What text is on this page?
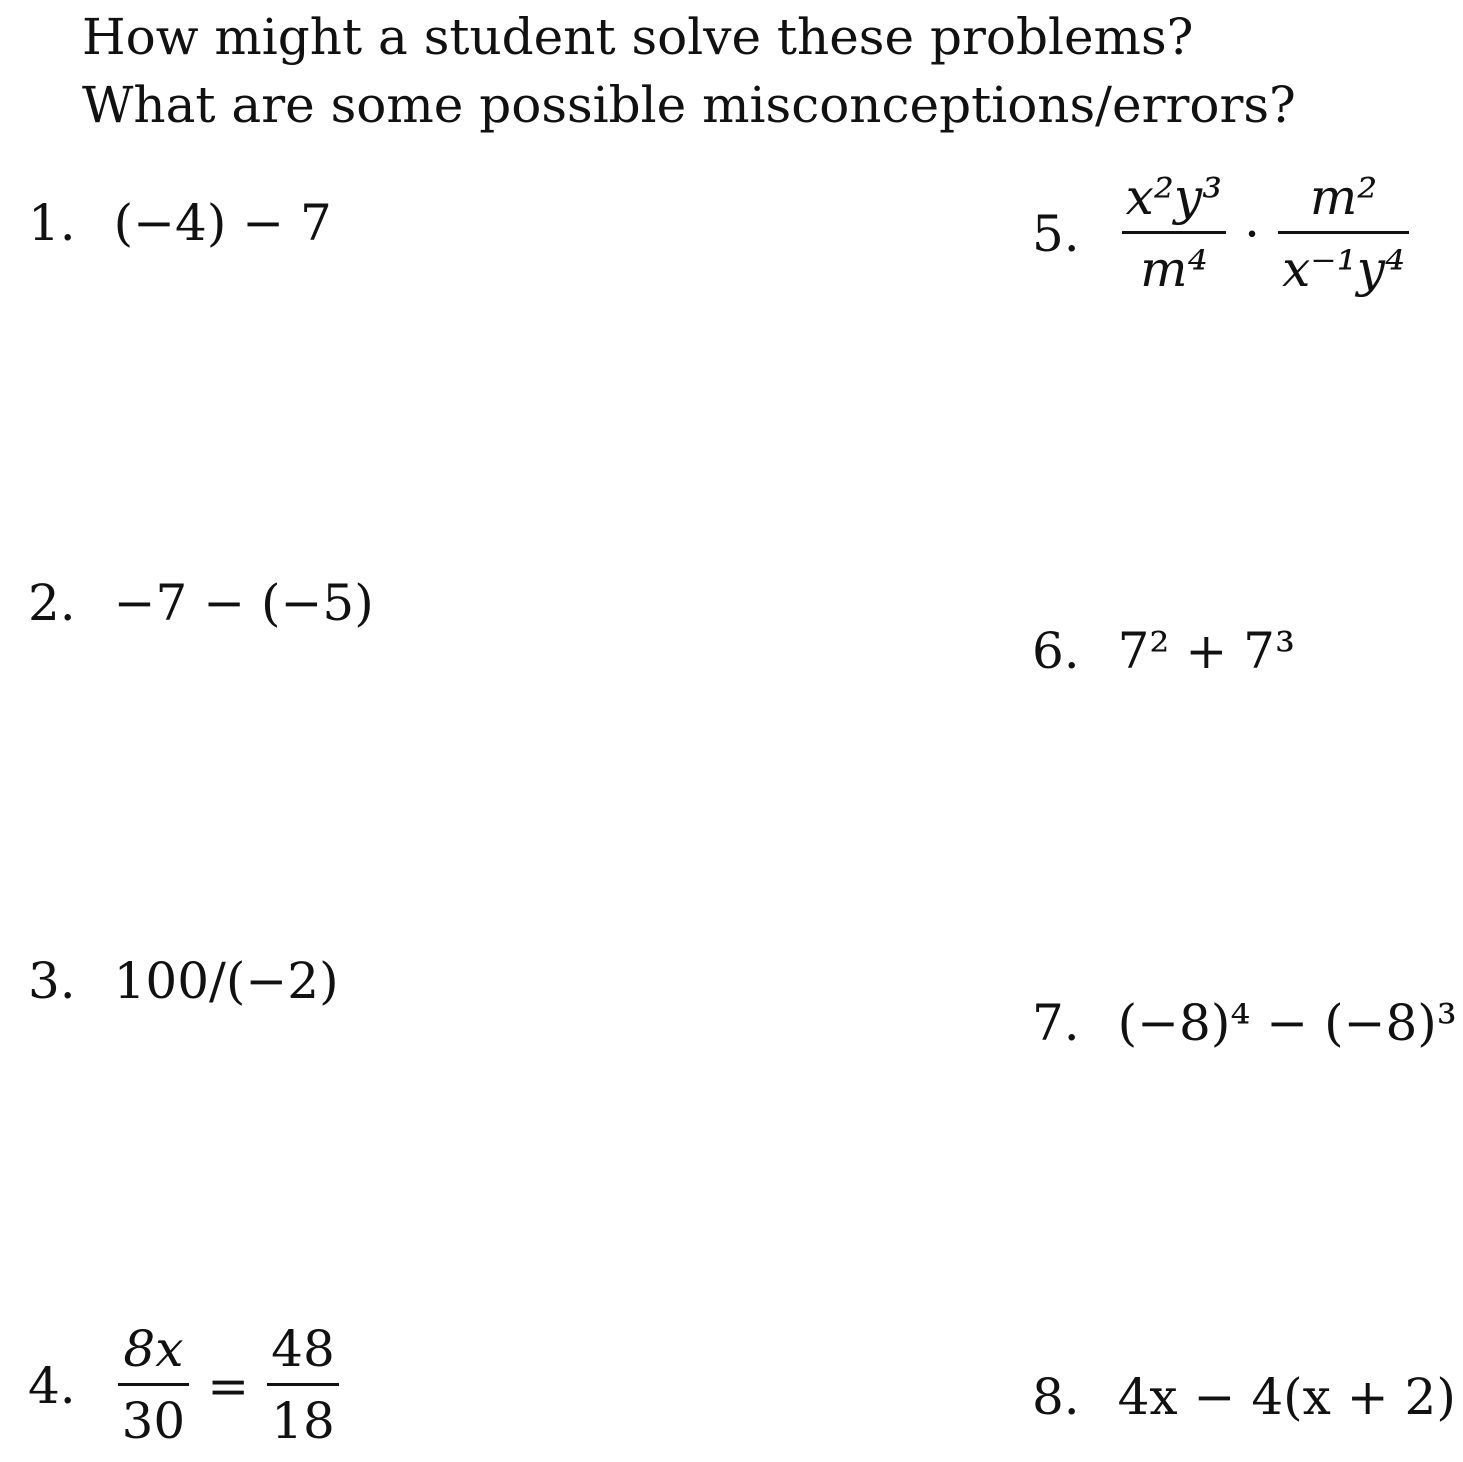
How might a student solve these problems?
What are some possible misconceptions/errors?
1. (−4) − 7
2. −7 − (−5)
3. 100/(−2)
4. $\frac{8x}{30} = \frac{48}{18}$
5. $\frac{\text{x²y³}}{\text{m⁴}} \cdot \frac{\text{m²}}{\text{x⁻¹y⁴}}$
6. 7² + 7³
7. (−8)⁴ − (−8)³
8. 4x − 4(x + 2)
